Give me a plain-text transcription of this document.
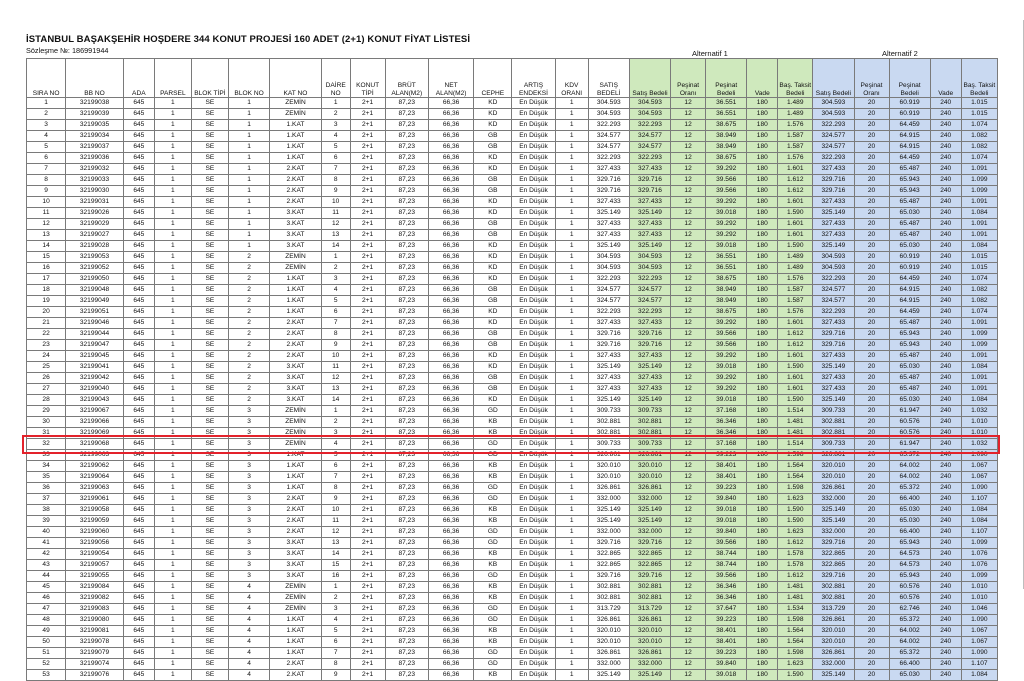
İSTANBUL BAŞAKŞEHİR HOŞDERE 344 KONUT PROJESİ 160 ADET (2+1) KONUT FİYAT LİSTESİ
Sözleşme №: 186991944	Alternatif 1	Alternatif 2
SIRA NO	BB NO	ADA	PARSEL	BLOK TİPİ	BLOK NO	KAT NO	DAİRE NO	KONUT TİPİ	BRÜT ALAN(M2)	NET ALAN(M2)	CEPHE	ARTIŞ ENDEKSİ	KDV ORANI	SATIŞ BEDELİ	Satış Bedeli	Peşinat Oranı	Peşinat Bedeli	Vade	Baş. Taksit Bedeli	Satış Bedeli	Peşinat Oranı	Peşinat Bedeli	Vade	Baş. Taksit Bedeli
1	32199038	645	1	SE	1	ZEMİN	1	2+1	87,23	66,36	KD	En Düşük	1	304.593	304.593	12	36.551	180	1.489	304.593	20	60.919	240	1.015
2	32199039	645	1	SE	1	ZEMİN	2	2+1	87,23	66,36	KD	En Düşük	1	304.593	304.593	12	36.551	180	1.489	304.593	20	60.919	240	1.015
3	32199035	645	1	SE	1	1.KAT	3	2+1	87,23	66,36	KD	En Düşük	1	322.293	322.293	12	38.675	180	1.576	322.293	20	64.459	240	1.074
4	32199034	645	1	SE	1	1.KAT	4	2+1	87,23	66,36	GB	En Düşük	1	324.577	324.577	12	38.949	180	1.587	324.577	20	64.915	240	1.082
5	32199037	645	1	SE	1	1.KAT	5	2+1	87,23	66,36	GB	En Düşük	1	324.577	324.577	12	38.949	180	1.587	324.577	20	64.915	240	1.082
6	32199036	645	1	SE	1	1.KAT	6	2+1	87,23	66,36	KD	En Düşük	1	322.293	322.293	12	38.675	180	1.576	322.293	20	64.459	240	1.074
7	32199032	645	1	SE	1	2.KAT	7	2+1	87,23	66,36	KD	En Düşük	1	327.433	327.433	12	39.292	180	1.601	327.433	20	65.487	240	1.091
8	32199033	645	1	SE	1	2.KAT	8	2+1	87,23	66,36	GB	En Düşük	1	329.716	329.716	12	39.566	180	1.612	329.716	20	65.943	240	1.099
9	32199030	645	1	SE	1	2.KAT	9	2+1	87,23	66,36	GB	En Düşük	1	329.716	329.716	12	39.566	180	1.612	329.716	20	65.943	240	1.099
10	32199031	645	1	SE	1	2.KAT	10	2+1	87,23	66,36	KD	En Düşük	1	327.433	327.433	12	39.292	180	1.601	327.433	20	65.487	240	1.091
11	32199026	645	1	SE	1	3.KAT	11	2+1	87,23	66,36	KD	En Düşük	1	325.149	325.149	12	39.018	180	1.590	325.149	20	65.030	240	1.084
12	32199029	645	1	SE	1	3.KAT	12	2+1	87,23	66,36	GB	En Düşük	1	327.433	327.433	12	39.292	180	1.601	327.433	20	65.487	240	1.091
13	32199027	645	1	SE	1	3.KAT	13	2+1	87,23	66,36	GB	En Düşük	1	327.433	327.433	12	39.292	180	1.601	327.433	20	65.487	240	1.091
14	32199028	645	1	SE	1	3.KAT	14	2+1	87,23	66,36	KD	En Düşük	1	325.149	325.149	12	39.018	180	1.590	325.149	20	65.030	240	1.084
15	32199053	645	1	SE	2	ZEMİN	1	2+1	87,23	66,36	KD	En Düşük	1	304.593	304.593	12	36.551	180	1.489	304.593	20	60.919	240	1.015
16	32199052	645	1	SE	2	ZEMİN	2	2+1	87,23	66,36	KD	En Düşük	1	304.593	304.593	12	36.551	180	1.489	304.593	20	60.919	240	1.015
17	32199050	645	1	SE	2	1.KAT	3	2+1	87,23	66,36	KD	En Düşük	1	322.293	322.293	12	38.675	180	1.576	322.293	20	64.459	240	1.074
18	32199048	645	1	SE	2	1.KAT	4	2+1	87,23	66,36	GB	En Düşük	1	324.577	324.577	12	38.949	180	1.587	324.577	20	64.915	240	1.082
19	32199049	645	1	SE	2	1.KAT	5	2+1	87,23	66,36	GB	En Düşük	1	324.577	324.577	12	38.949	180	1.587	324.577	20	64.915	240	1.082
20	32199051	645	1	SE	2	1.KAT	6	2+1	87,23	66,36	KD	En Düşük	1	322.293	322.293	12	38.675	180	1.576	322.293	20	64.459	240	1.074
21	32199046	645	1	SE	2	2.KAT	7	2+1	87,23	66,36	KD	En Düşük	1	327.433	327.433	12	39.292	180	1.601	327.433	20	65.487	240	1.091
22	32199044	645	1	SE	2	2.KAT	8	2+1	87,23	66,36	GB	En Düşük	1	329.716	329.716	12	39.566	180	1.612	329.716	20	65.943	240	1.099
23	32199047	645	1	SE	2	2.KAT	9	2+1	87,23	66,36	GB	En Düşük	1	329.716	329.716	12	39.566	180	1.612	329.716	20	65.943	240	1.099
24	32199045	645	1	SE	2	2.KAT	10	2+1	87,23	66,36	KD	En Düşük	1	327.433	327.433	12	39.292	180	1.601	327.433	20	65.487	240	1.091
25	32199041	645	1	SE	2	3.KAT	11	2+1	87,23	66,36	KD	En Düşük	1	325.149	325.149	12	39.018	180	1.590	325.149	20	65.030	240	1.084
26	32199042	645	1	SE	2	3.KAT	12	2+1	87,23	66,36	GB	En Düşük	1	327.433	327.433	12	39.292	180	1.601	327.433	20	65.487	240	1.091
27	32199040	645	1	SE	2	3.KAT	13	2+1	87,23	66,36	GB	En Düşük	1	327.433	327.433	12	39.292	180	1.601	327.433	20	65.487	240	1.091
28	32199043	645	1	SE	2	3.KAT	14	2+1	87,23	66,36	KD	En Düşük	1	325.149	325.149	12	39.018	180	1.590	325.149	20	65.030	240	1.084
29	32199067	645	1	SE	3	ZEMİN	1	2+1	87,23	66,36	GD	En Düşük	1	309.733	309.733	12	37.168	180	1.514	309.733	20	61.947	240	1.032
30	32199066	645	1	SE	3	ZEMİN	2	2+1	87,23	66,36	KB	En Düşük	1	302.881	302.881	12	36.346	180	1.481	302.881	20	60.576	240	1.010
31	32199069	645	1	SE	3	ZEMİN	3	2+1	87,23	66,36	KB	En Düşük	1	302.881	302.881	12	36.346	180	1.481	302.881	20	60.576	240	1.010
32	32199068	645	1	SE	3	ZEMİN	4	2+1	87,23	66,36	GD	En Düşük	1	309.733	309.733	12	37.168	180	1.514	309.733	20	61.947	240	1.032
33	32199063	645	1	SE	3	1.KAT	5	2+1	87,23	66,36	GD	En Düşük	1	326.861	326.861	12	39.223	180	1.598	326.861	20	65.372	240	1.090
34	32199062	645	1	SE	3	1.KAT	6	2+1	87,23	66,36	KB	En Düşük	1	320.010	320.010	12	38.401	180	1.564	320.010	20	64.002	240	1.067
35	32199064	645	1	SE	3	1.KAT	7	2+1	87,23	66,36	KB	En Düşük	1	320.010	320.010	12	38.401	180	1.564	320.010	20	64.002	240	1.067
36	32199063	645	1	SE	3	1.KAT	8	2+1	87,23	66,36	GD	En Düşük	1	326.861	326.861	12	39.223	180	1.598	326.861	20	65.372	240	1.090
37	32199061	645	1	SE	3	2.KAT	9	2+1	87,23	66,36	GD	En Düşük	1	332.000	332.000	12	39.840	180	1.623	332.000	20	66.400	240	1.107
38	32199058	645	1	SE	3	2.KAT	10	2+1	87,23	66,36	KB	En Düşük	1	325.149	325.149	12	39.018	180	1.590	325.149	20	65.030	240	1.084
39	32199059	645	1	SE	3	2.KAT	11	2+1	87,23	66,36	KB	En Düşük	1	325.149	325.149	12	39.018	180	1.590	325.149	20	65.030	240	1.084
40	32199060	645	1	SE	3	2.KAT	12	2+1	87,23	66,36	GD	En Düşük	1	332.000	332.000	12	39.840	180	1.623	332.000	20	66.400	240	1.107
41	32199056	645	1	SE	3	3.KAT	13	2+1	87,23	66,36	GD	En Düşük	1	329.716	329.716	12	39.566	180	1.612	329.716	20	65.943	240	1.099
42	32199054	645	1	SE	3	3.KAT	14	2+1	87,23	66,36	KB	En Düşük	1	322.865	322.865	12	38.744	180	1.578	322.865	20	64.573	240	1.076
43	32199057	645	1	SE	3	3.KAT	15	2+1	87,23	66,36	KB	En Düşük	1	322.865	322.865	12	38.744	180	1.578	322.865	20	64.573	240	1.076
44	32199055	645	1	SE	3	3.KAT	16	2+1	87,23	66,36	GD	En Düşük	1	329.716	329.716	12	39.566	180	1.612	329.716	20	65.943	240	1.099
45	32199084	645	1	SE	4	ZEMİN	1	2+1	87,23	66,36	KB	En Düşük	1	302.881	302.881	12	36.346	180	1.481	302.881	20	60.576	240	1.010
46	32199082	645	1	SE	4	ZEMİN	2	2+1	87,23	66,36	KB	En Düşük	1	302.881	302.881	12	36.346	180	1.481	302.881	20	60.576	240	1.010
47	32199083	645	1	SE	4	ZEMİN	3	2+1	87,23	66,36	GD	En Düşük	1	313.729	313.729	12	37.647	180	1.534	313.729	20	62.746	240	1.046
48	32199080	645	1	SE	4	1.KAT	4	2+1	87,23	66,36	GD	En Düşük	1	326.861	326.861	12	39.223	180	1.598	326.861	20	65.372	240	1.090
49	32199081	645	1	SE	4	1.KAT	5	2+1	87,23	66,36	KB	En Düşük	1	320.010	320.010	12	38.401	180	1.564	320.010	20	64.002	240	1.067
50	32199078	645	1	SE	4	1.KAT	6	2+1	87,23	66,36	KB	En Düşük	1	320.010	320.010	12	38.401	180	1.564	320.010	20	64.002	240	1.067
51	32199079	645	1	SE	4	1.KAT	7	2+1	87,23	66,36	GD	En Düşük	1	326.861	326.861	12	39.223	180	1.598	326.861	20	65.372	240	1.090
52	32199074	645	1	SE	4	2.KAT	8	2+1	87,23	66,36	GD	En Düşük	1	332.000	332.000	12	39.840	180	1.623	332.000	20	66.400	240	1.107
53	32199076	645	1	SE	4	2.KAT	9	2+1	87,23	66,36	KB	En Düşük	1	325.149	325.149	12	39.018	180	1.590	325.149	20	65.030	240	1.084
